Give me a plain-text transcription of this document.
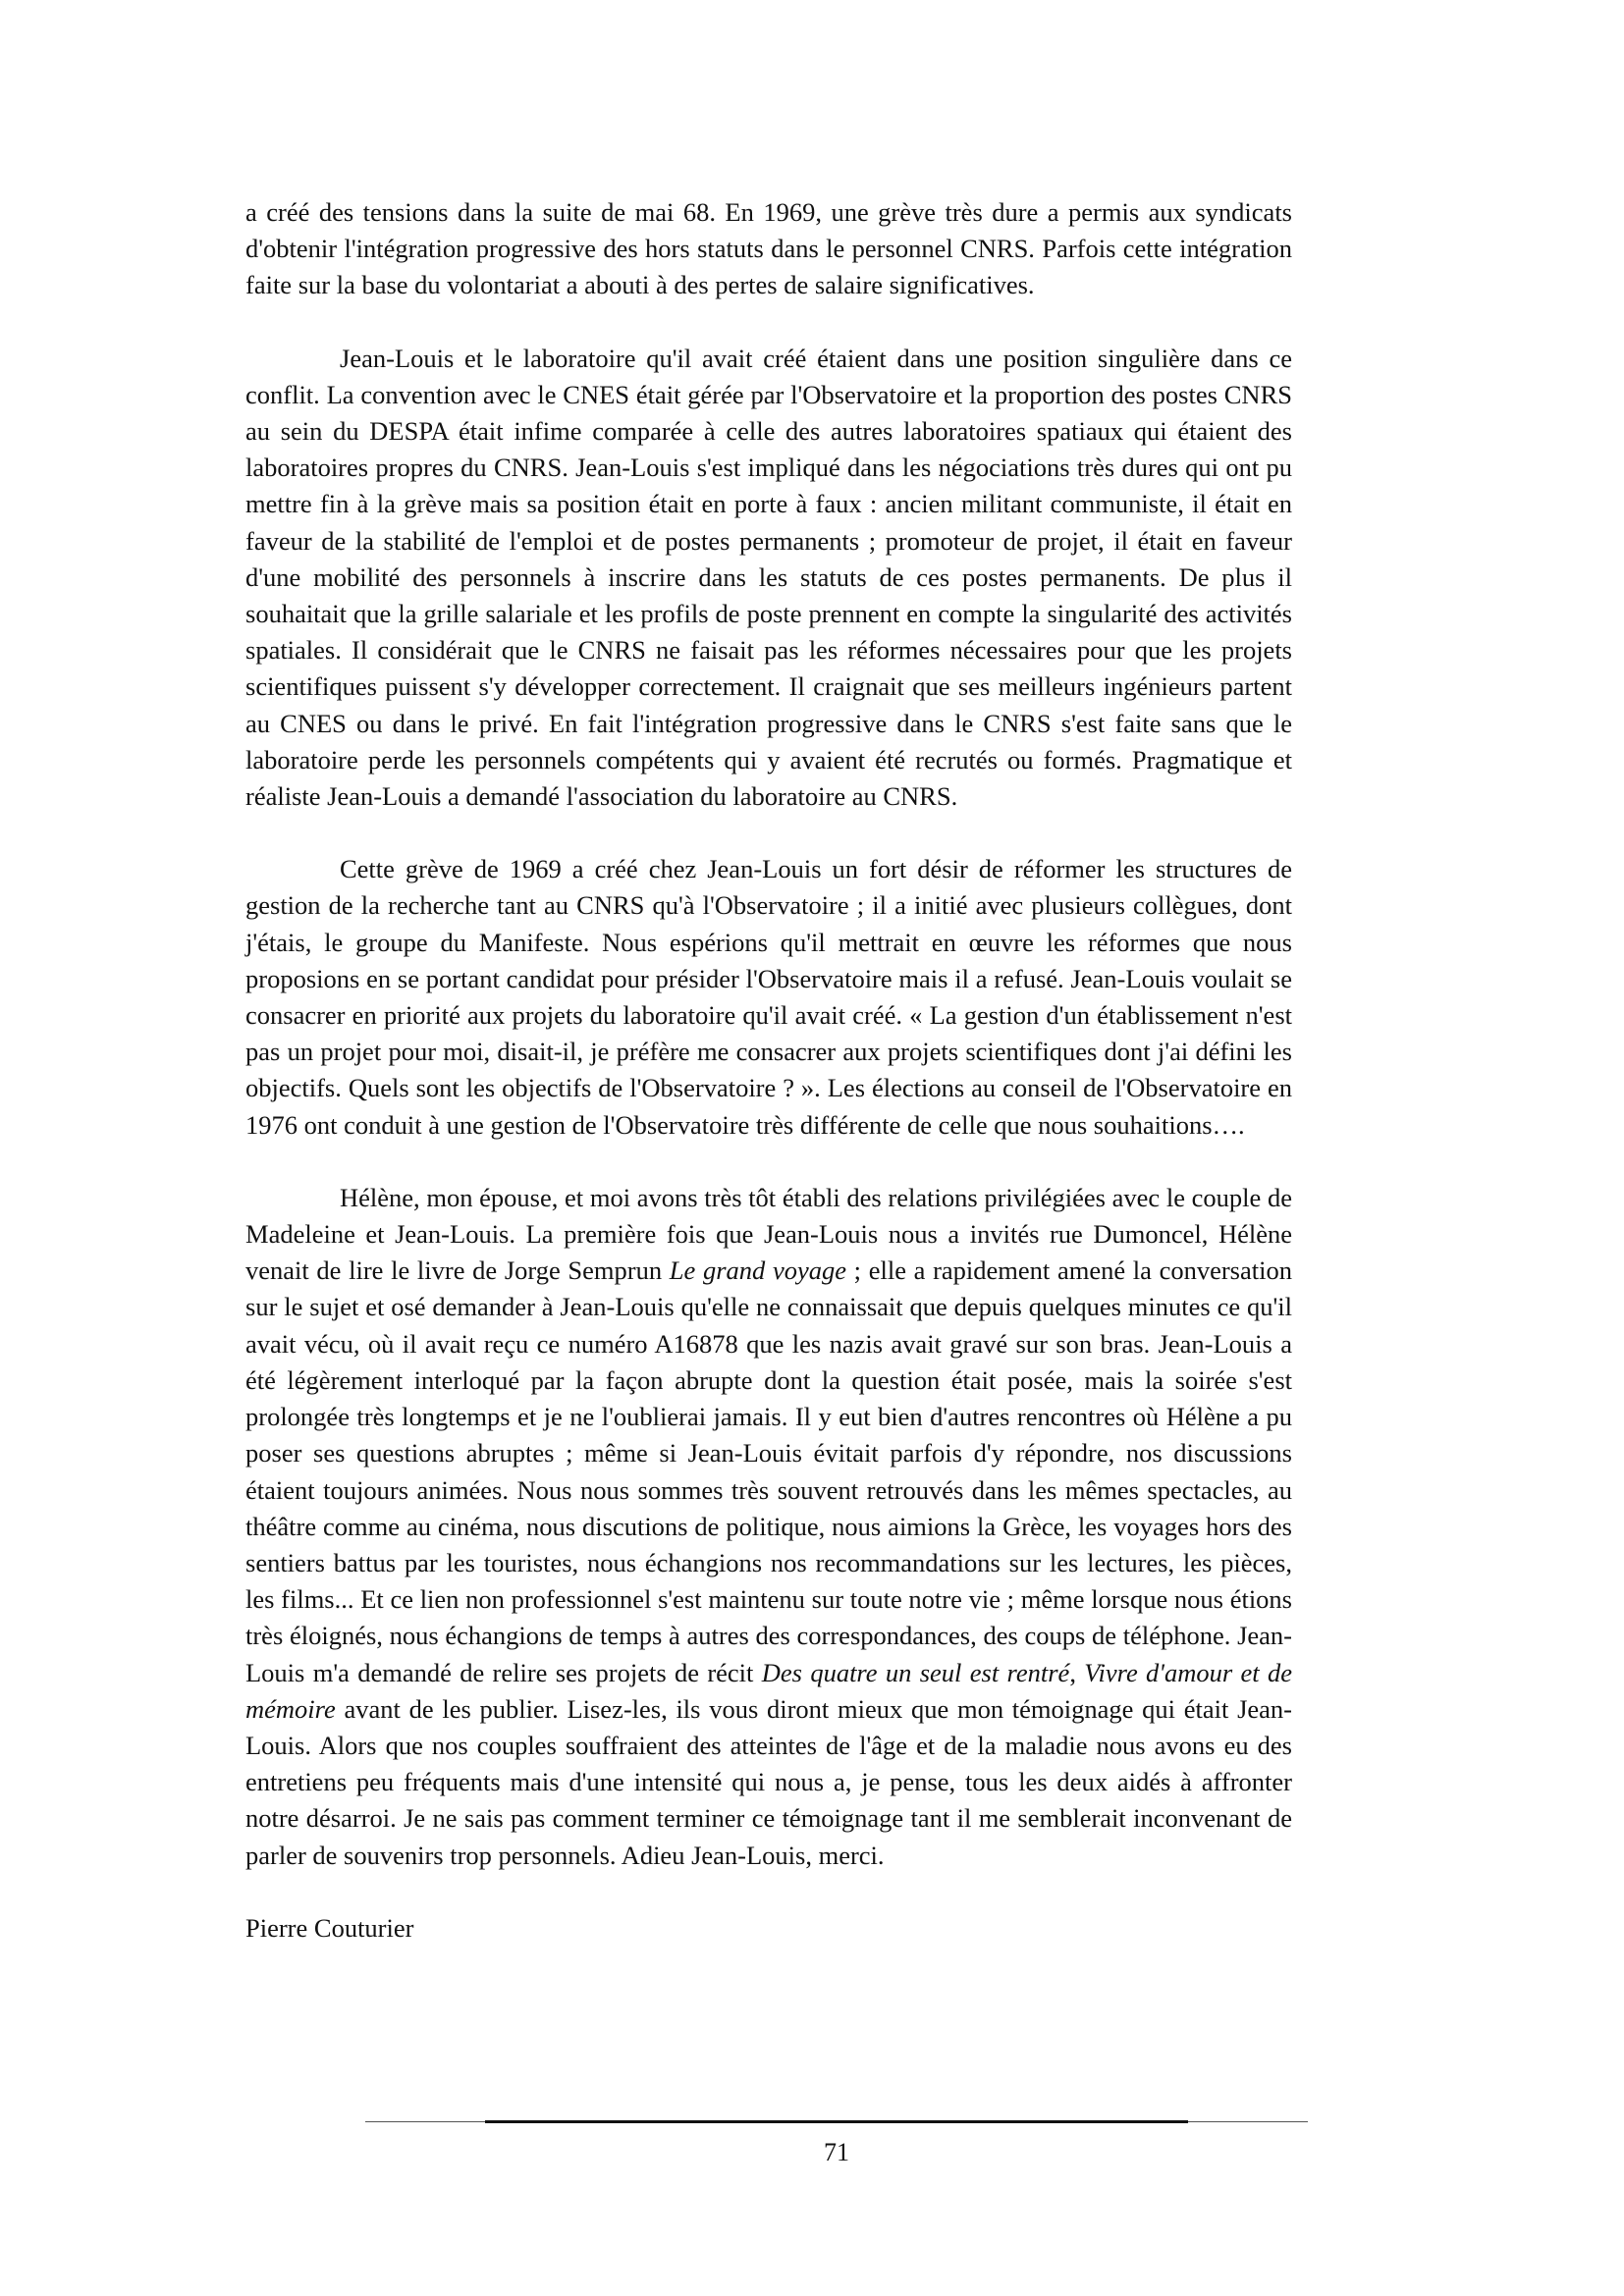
a créé des tensions dans la suite de mai 68. En 1969, une grève très dure a permis aux syndicats d'obtenir l'intégration progressive des hors statuts dans le personnel CNRS. Parfois cette intégration faite sur la base du volontariat a abouti à des pertes de salaire significatives.

Jean-Louis et le laboratoire qu'il avait créé étaient dans une position singulière dans ce conflit. La convention avec le CNES était gérée par l'Observatoire et la proportion des postes CNRS au sein du DESPA était infime comparée à celle des autres laboratoires spatiaux qui étaient des laboratoires propres du CNRS. Jean-Louis s'est impliqué dans les négociations très dures qui ont pu mettre fin à la grève mais sa position était en porte à faux : ancien militant communiste, il était en faveur de la stabilité de l'emploi et de postes permanents ; promoteur de projet, il était en faveur d'une mobilité des personnels à inscrire dans les statuts de ces postes permanents. De plus il souhaitait que la grille salariale et les profils de poste prennent en compte la singularité des activités spatiales. Il considérait que le CNRS ne faisait pas les réformes nécessaires pour que les projets scientifiques puissent s'y développer correctement. Il craignait que ses meilleurs ingénieurs partent au CNES ou dans le privé. En fait l'intégration progressive dans le CNRS s'est faite sans que le laboratoire perde les personnels compétents qui y avaient été recrutés ou formés. Pragmatique et réaliste Jean-Louis a demandé l'association du laboratoire au CNRS.

Cette grève de 1969 a créé chez Jean-Louis un fort désir de réformer les structures de gestion de la recherche tant au CNRS qu'à l'Observatoire ; il a initié avec plusieurs collègues, dont j'étais, le groupe du Manifeste. Nous espérions qu'il mettrait en œuvre les réformes que nous proposions en se portant candidat pour présider l'Observatoire mais il a refusé. Jean-Louis voulait se consacrer en priorité aux projets du laboratoire qu'il avait créé. « La gestion d'un établissement n'est pas un projet pour moi, disait-il, je préfère me consacrer aux projets scientifiques dont j'ai défini les objectifs. Quels sont les objectifs de l'Observatoire ? ». Les élections au conseil de l'Observatoire en 1976 ont conduit à une gestion de l'Observatoire très différente de celle que nous souhaitions….

Hélène, mon épouse, et moi avons très tôt établi des relations privilégiées avec le couple de Madeleine et Jean-Louis. La première fois que Jean-Louis nous a invités rue Dumoncel, Hélène venait de lire le livre de Jorge Semprun Le grand voyage ; elle a rapidement amené la conversation sur le sujet et osé demander à Jean-Louis qu'elle ne connaissait que depuis quelques minutes ce qu'il avait vécu, où il avait reçu ce numéro A16878 que les nazis avait gravé sur son bras. Jean-Louis a été légèrement interloqué par la façon abrupte dont la question était posée, mais la soirée s'est prolongée très longtemps et je ne l'oublierai jamais. Il y eut bien d'autres rencontres où Hélène a pu poser ses questions abruptes ; même si Jean-Louis évitait parfois d'y répondre, nos discussions étaient toujours animées. Nous nous sommes très souvent retrouvés dans les mêmes spectacles, au théâtre comme au cinéma, nous discutions de politique, nous aimions la Grèce, les voyages hors des sentiers battus par les touristes, nous échangions nos recommandations sur les lectures, les pièces, les films... Et ce lien non professionnel s'est maintenu sur toute notre vie ; même lorsque nous étions très éloignés, nous échangions de temps à autres des correspondances, des coups de téléphone. Jean-Louis m'a demandé de relire ses projets de récit Des quatre un seul est rentré, Vivre d'amour et de mémoire avant de les publier. Lisez-les, ils vous diront mieux que mon témoignage qui était Jean-Louis. Alors que nos couples souffraient des atteintes de l'âge et de la maladie nous avons eu des entretiens peu fréquents mais d'une intensité qui nous a, je pense, tous les deux aidés à affronter notre désarroi. Je ne sais pas comment terminer ce témoignage tant il me semblerait inconvenant de parler de souvenirs trop personnels. Adieu Jean-Louis, merci.

Pierre Couturier

71
